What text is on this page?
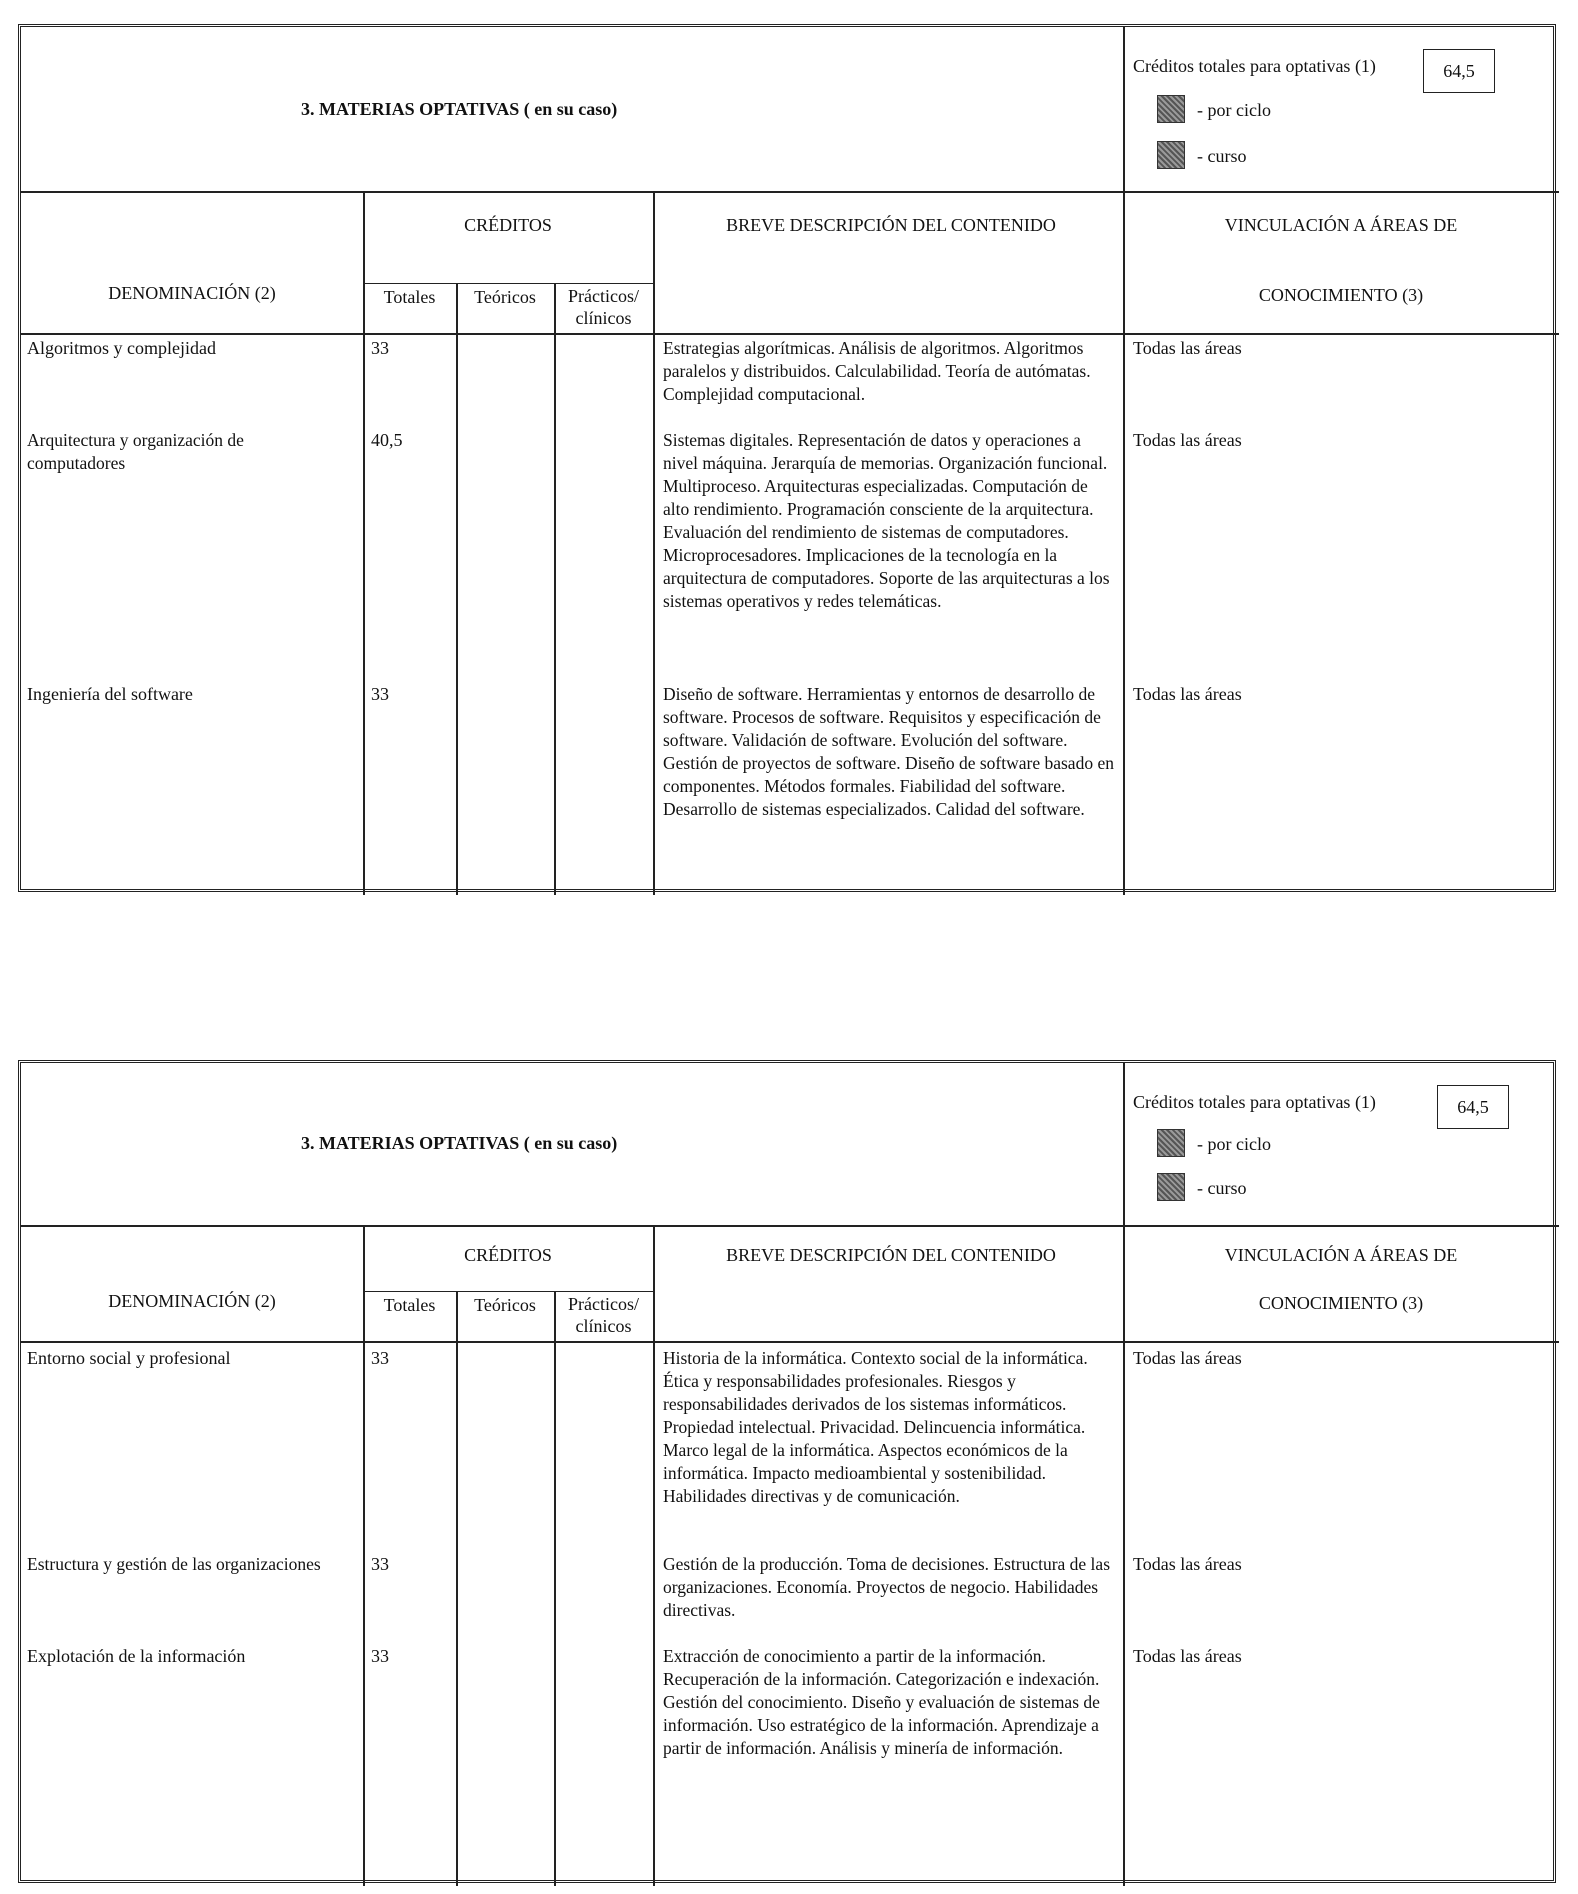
3. MATERIAS OPTATIVAS ( en su caso)
Créditos totales para optativas (1)	64,5
- por ciclo
- curso
DENOMINACIÓN (2)
CRÉDITOS
Totales	Teóricos	Prácticos/ clínicos
BREVE DESCRIPCIÓN DEL CONTENIDO	VINCULACIÓN A ÁREAS DE
CONOCIMIENTO (3)
Algoritmos y complejidad	33	Estrategias algorítmicas. Análisis de algoritmos. Algoritmos paralelos y distribuidos. Calculabilidad. Teoría de autómatas. Complejidad computacional.
Todas las áreas
Arquitectura y organización de computadores
40,5	Sistemas digitales. Representación de datos y operaciones a nivel máquina. Jerarquía de memorias. Organización funcional. Multiproceso. Arquitecturas especializadas. Computación de alto rendimiento. Programación consciente de la arquitectura. Evaluación del rendimiento de sistemas de computadores. Microprocesadores. Implicaciones de la tecnología en la arquitectura de computadores. Soporte de las arquitecturas a los sistemas operativos y redes telemáticas.
Todas las áreas
Ingeniería del software	33	Diseño de software. Herramientas y entornos de desarrollo de software. Procesos de software. Requisitos y especificación de software. Validación de software. Evolución del software. Gestión de proyectos de software. Diseño de software basado en componentes. Métodos formales. Fiabilidad del software. Desarrollo de sistemas especializados. Calidad del software.
Todas las áreas
3. MATERIAS OPTATIVAS ( en su caso)
Créditos totales para optativas (1)	64,5
- por ciclo
- curso
DENOMINACIÓN (2)
CRÉDITOS
Totales	Teóricos	Prácticos/ clínicos
BREVE DESCRIPCIÓN DEL CONTENIDO	VINCULACIÓN A ÁREAS DE
CONOCIMIENTO (3)
Entorno social y profesional	33	Historia de la informática. Contexto social de la informática. Ética y responsabilidades profesionales. Riesgos y responsabilidades derivados de los sistemas informáticos. Propiedad intelectual. Privacidad. Delincuencia informática. Marco legal de la informática. Aspectos económicos de la informática. Impacto medioambiental y sostenibilidad. Habilidades directivas y de comunicación.
Todas las áreas
Estructura y gestión de las organizaciones	33	Gestión de la producción. Toma de decisiones. Estructura de las organizaciones. Economía. Proyectos de negocio. Habilidades directivas.
Todas las áreas
Explotación de la información	33	Extracción de conocimiento a partir de la información. Recuperación de la información. Categorización e indexación. Gestión del conocimiento. Diseño y evaluación de sistemas de información. Uso estratégico de la información. Aprendizaje a partir de información. Análisis y minería de información.
Todas las áreas
